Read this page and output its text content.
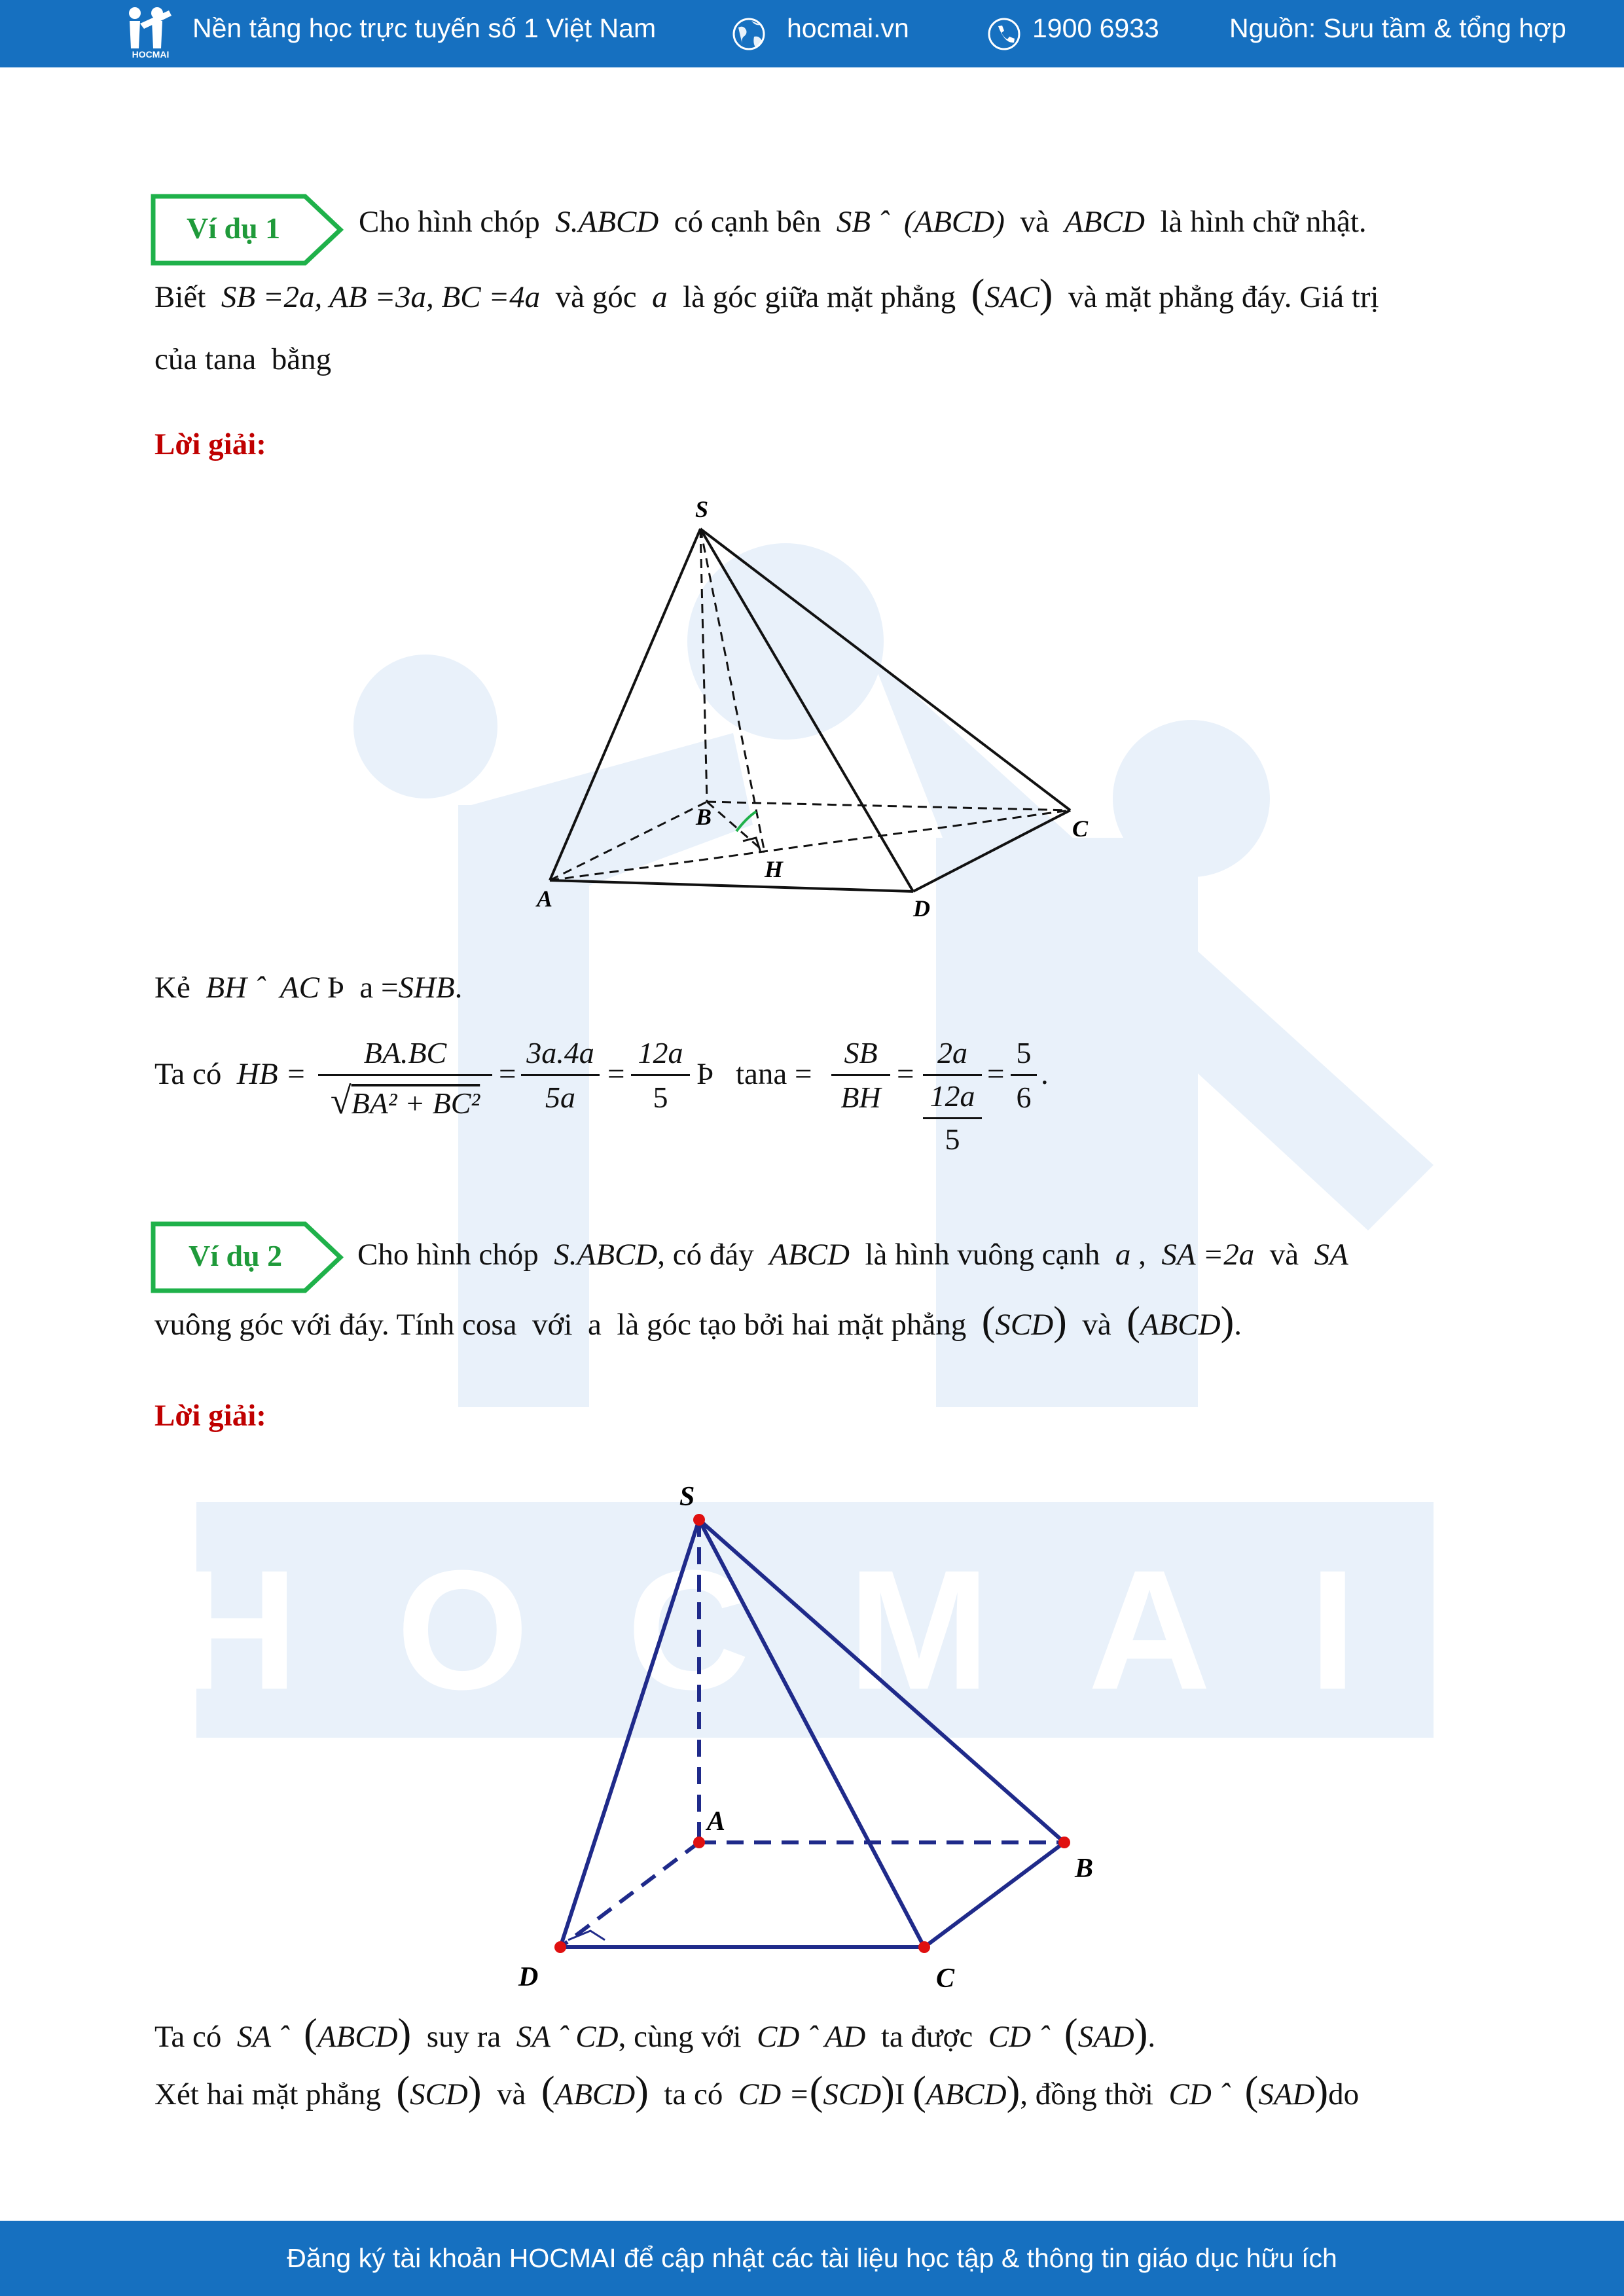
HOCMAI
HOCMAI
Nền tảng học trực tuyến số 1 Việt Nam	hocmai.vn	1900 6933	Nguồn: Sưu tầm & tổng hợp
Ví dụ 1	Cho hình chóp S.ABCD có cạnh bên SB ˆ (ABCD) và ABCD là hình chữ nhật.
Biết SB =2a, AB =3a, BC =4a và góc a là góc giữa mặt phẳng (SAC) và mặt phẳng đáy. Giá trị
của tana bằng
Lời giải:
S
A
B	C
D
H
Kẻ BH ˆ AC Þ a =SHB.
Ta có HB = $\frac{BA.BC}{\text{√BA² + BC²}} = \frac{3a.4a}{5a} = \frac{12a}{5}$ Þ $\tan a = \frac{SB}{BH}$ =
2a
12a
5
= $\frac{5}{6}$ .
Ví dụ 2 Cho hình chóp S.ABCD, có đáy ABCD là hình vuông cạnh a , SA =2a và SA
vuông góc với đáy. Tính cosa với a là góc tạo bởi hai mặt phẳng (SCD) và (ABCD).
Lời giải:
S
A
B
C
D
Ta có SA ˆ (ABCD) suy ra SA ˆ CD, cùng với CD ˆ AD ta được CD ˆ (SAD).
Xét hai mặt phẳng (SCD) và (ABCD) ta có CD =(SCD)I (ABCD), đồng thời CD ˆ (SAD)do
Đăng ký tài khoản HOCMAI để cập nhật các tài liệu học tập & thông tin giáo dục hữu ích
